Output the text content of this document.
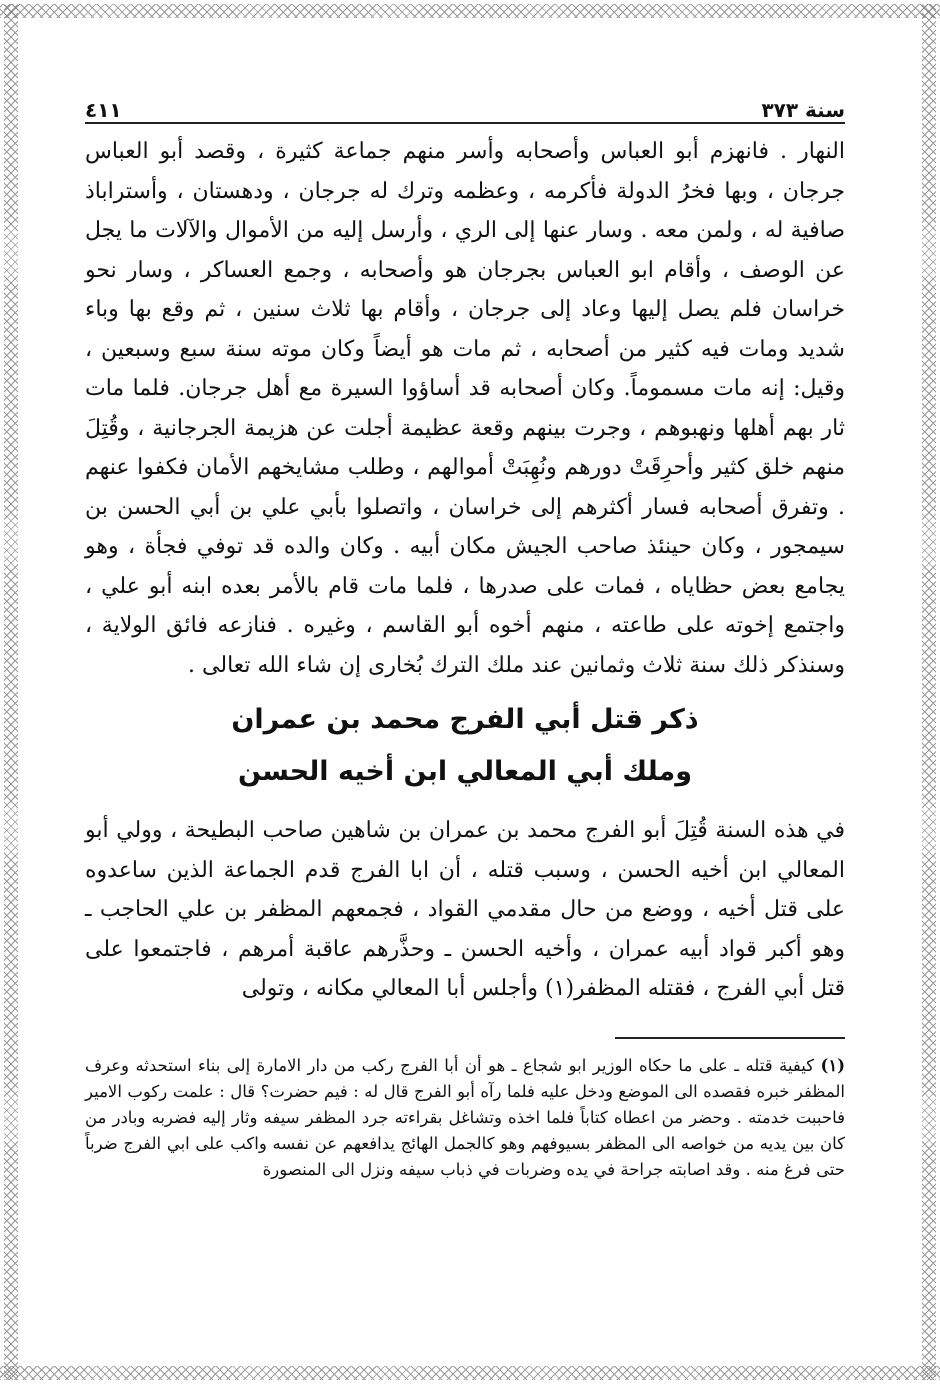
سنة ٣٧٣
٤١١

النهار . فانهزم أبو العباس وأصحابه وأسر منهم جماعة كثيرة ، وقصد أبو العباس جرجان ، وبها فخرُ الدولة فأكرمه ، وعظمه وترك له جرجان ، ودهستان ، وأستراباذ صافية له ، ولمن معه . وسار عنها إلى الري ، وأرسل إليه من الأموال والآلات ما يجل عن الوصف ، وأقام ابو العباس بجرجان هو وأصحابه ، وجمع العساكر ، وسار نحو خراسان فلم يصل إليها وعاد إلى جرجان ، وأقام بها ثلاث سنين ، ثم وقع بها وباء شديد ومات فيه كثير من أصحابه ، ثم مات هو أيضاً وكان موته سنة سبع وسبعين ، وقيل: إنه مات مسموماً. وكان أصحابه قد أساؤوا السيرة مع أهل جرجان. فلما مات ثار بهم أهلها ونهبوهم ، وجرت بينهم وقعة عظيمة أجلت عن هزيمة الجرجانية ، وقُتِلَ منهم خلق كثير وأحرِقَتْ دورهم ونُهِبَتْ أموالهم ، وطلب مشايخهم الأمان فكفوا عنهم . وتفرق أصحابه فسار أكثرهم إلى خراسان ، واتصلوا بأبي علي بن أبي الحسن بن سيمجور ، وكان حينئذ صاحب الجيش مكان أبيه . وكان والده قد توفي فجأة ، وهو يجامع بعض حظاياه ، فمات على صدرها ، فلما مات قام بالأمر بعده ابنه أبو علي ، واجتمع إخوته على طاعته ، منهم أخوه أبو القاسم ، وغيره . فنازعه فائق الولاية ، وسنذكر ذلك سنة ثلاث وثمانين عند ملك الترك بُخارى إن شاء الله تعالى .

ذكر قتل أبي الفرج محمد بن عمران
وملك أبي المعالي ابن أخيه الحسن

في هذه السنة قُتِلَ أبو الفرج محمد بن عمران بن شاهين صاحب البطيحة ، وولي أبو المعالي ابن أخيه الحسن ، وسبب قتله ، أن ابا الفرج قدم الجماعة الذين ساعدوه على قتل أخيه ، ووضع من حال مقدمي القواد ، فجمعهم المظفر بن علي الحاجب ـ وهو أكبر قواد أبيه عمران ، وأخيه الحسن ـ وحذَّرهم عاقبة أمرهم ، فاجتمعوا على قتل أبي الفرج ، فقتله المظفر(١) وأجلس أبا المعالي مكانه ، وتولى

(١) كيفية قتله ـ على ما حكاه الوزير ابو شجاع ـ هو أن أبا الفرج ركب من دار الامارة إلى بناء استحدثه وعرف المظفر خبره فقصده الى الموضع ودخل عليه فلما رآه أبو الفرج قال له : فيم حضرت؟ قال : علمت ركوب الامير فاحببت خدمته . وحضر من اعطاه كتاباً فلما اخذه وتشاغل بقراءته جرد المظفر سيفه وثار إليه فضربه وبادر من كان بين يديه من خواصه الى المظفر بسيوفهم وهو كالجمل الهائج يدافعهم عن نفسه واكب على ابي الفرج ضرباً حتى فرغ منه . وقد اصابته جراحة في يده وضربات في ذباب سيفه ونزل الى المنصورة
